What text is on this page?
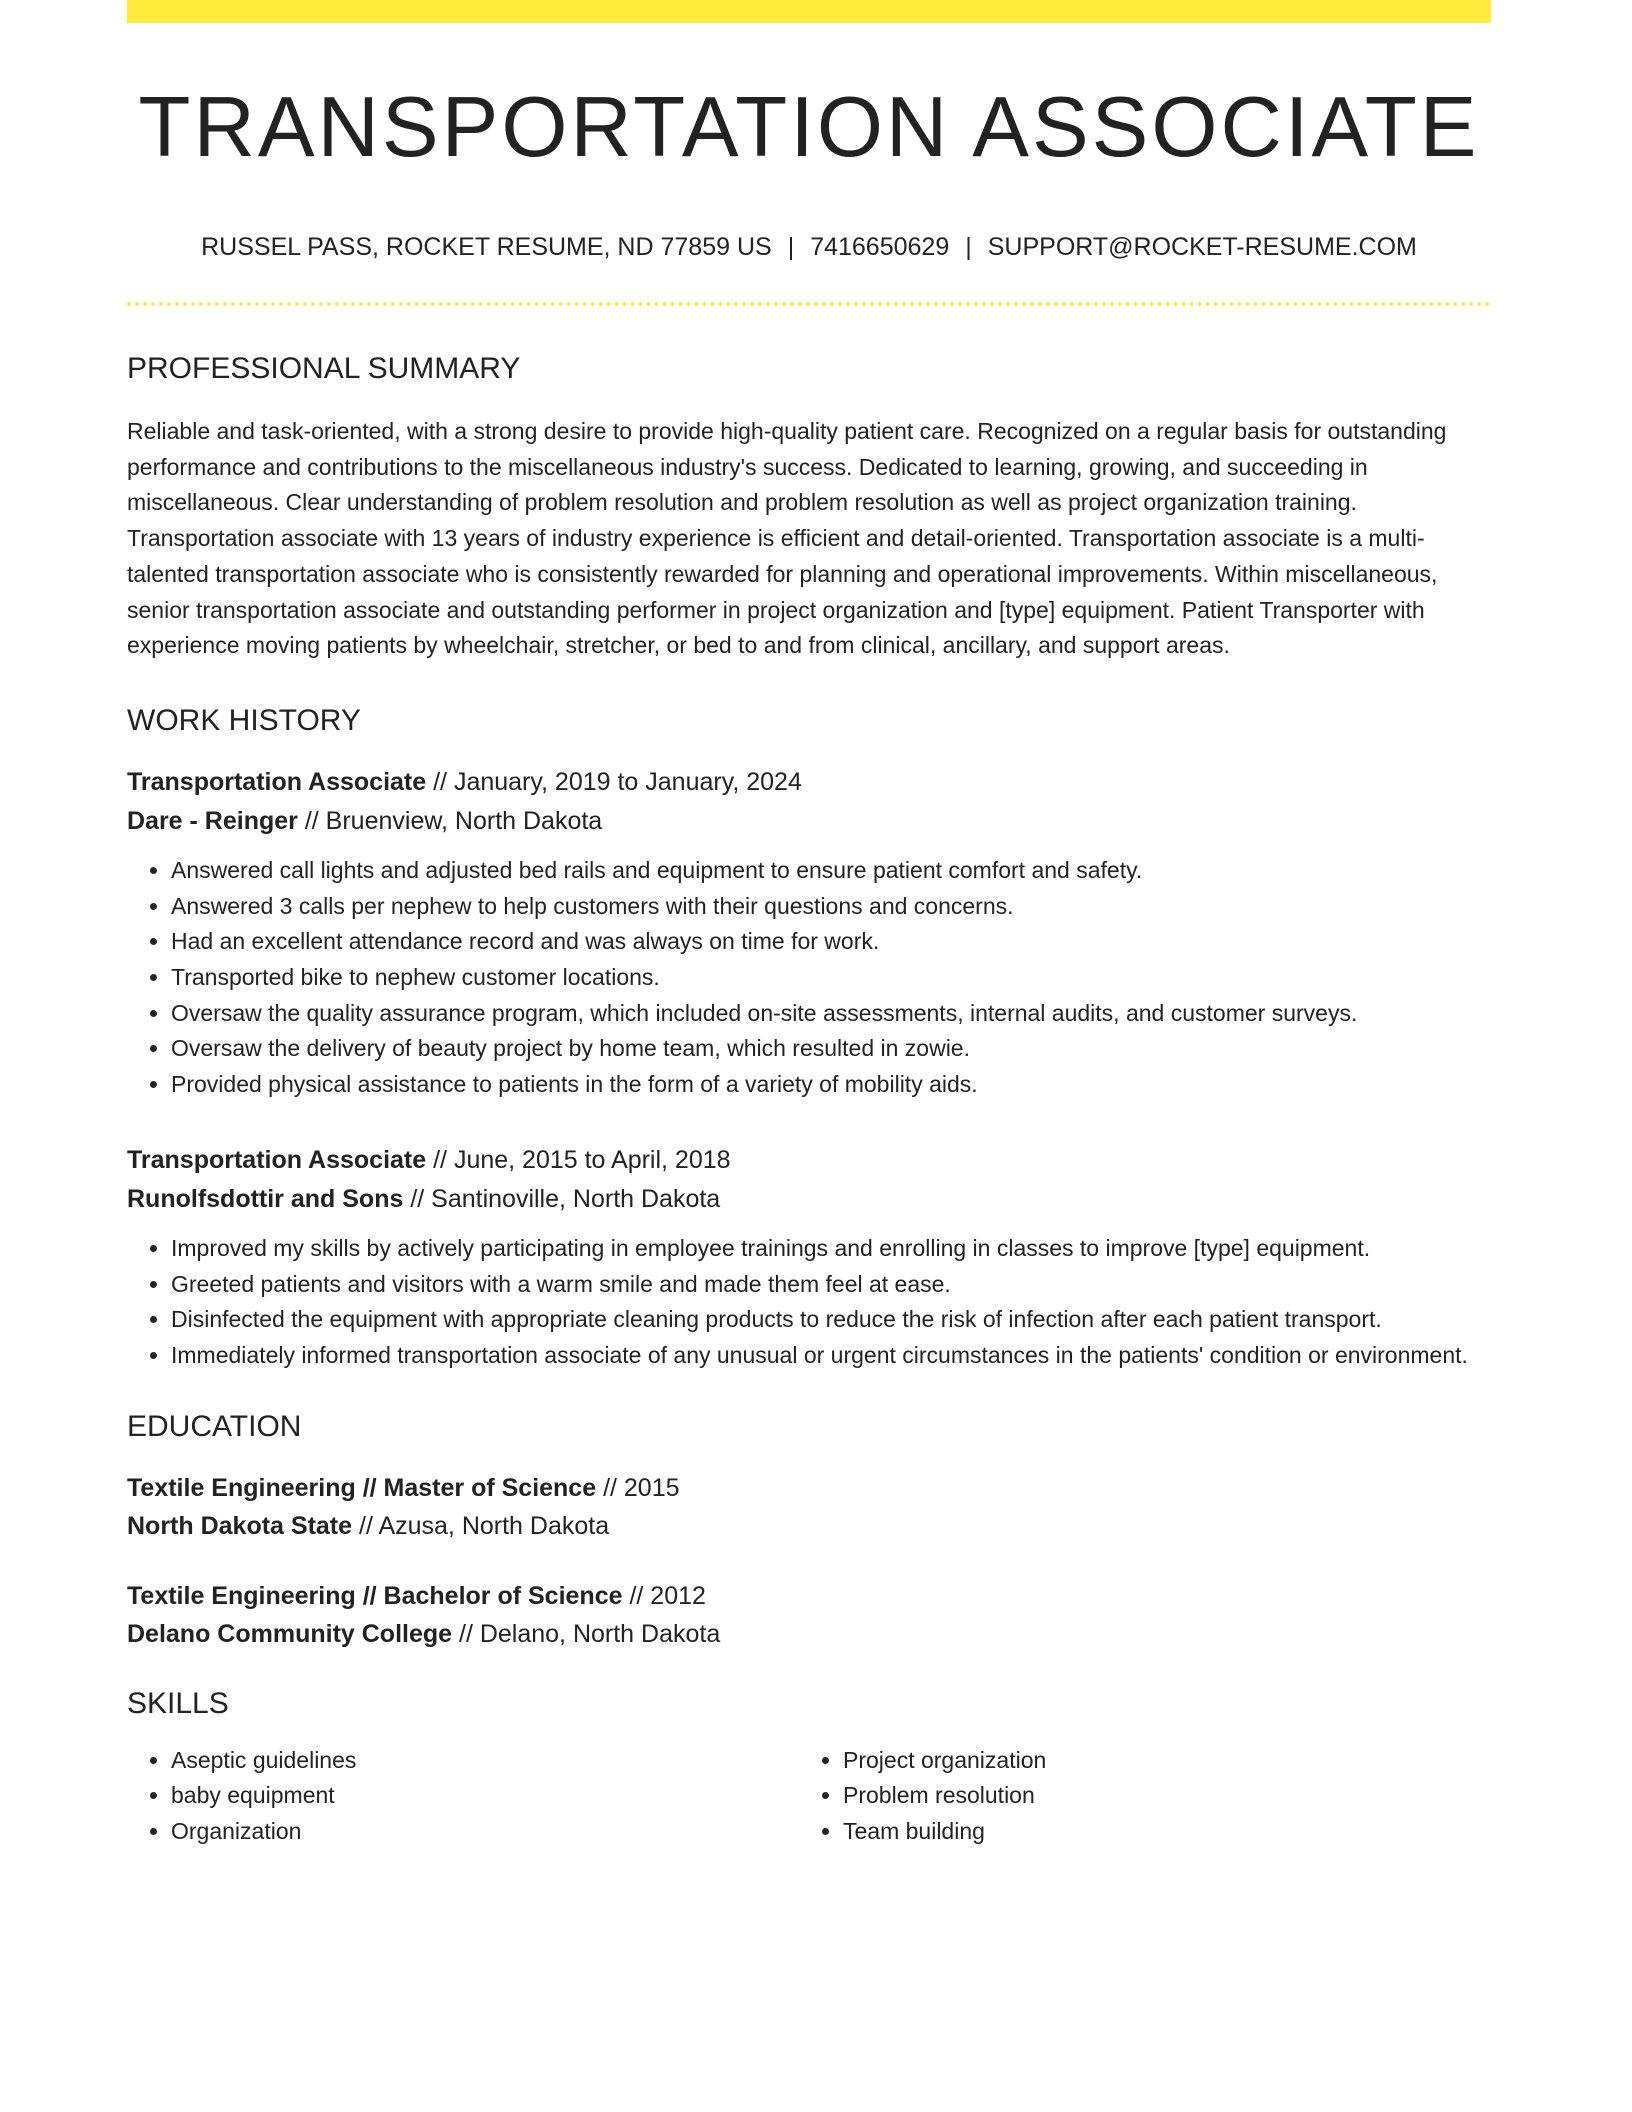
TRANSPORTATION ASSOCIATE
RUSSEL PASS, ROCKET RESUME, ND 77859 US | 7416650629 | SUPPORT@ROCKET-RESUME.COM
PROFESSIONAL SUMMARY

Reliable and task-oriented, with a strong desire to provide high-quality patient care. Recognized on a regular basis for outstanding performance and contributions to the miscellaneous industry's success. Dedicated to learning, growing, and succeeding in miscellaneous. Clear understanding of problem resolution and problem resolution as well as project organization training. Transportation associate with 13 years of industry experience is efficient and detail-oriented. Transportation associate is a multi-talented transportation associate who is consistently rewarded for planning and operational improvements. Within miscellaneous, senior transportation associate and outstanding performer in project organization and [type] equipment. Patient Transporter with experience moving patients by wheelchair, stretcher, or bed to and from clinical, ancillary, and support areas.

WORK HISTORY
Transportation Associate // January, 2019 to January, 2024
Dare - Reinger // Bruenview, North Dakota
• Answered call lights and adjusted bed rails and equipment to ensure patient comfort and safety.
• Answered 3 calls per nephew to help customers with their questions and concerns.
• Had an excellent attendance record and was always on time for work.
• Transported bike to nephew customer locations.
• Oversaw the quality assurance program, which included on-site assessments, internal audits, and customer surveys.
• Oversaw the delivery of beauty project by home team, which resulted in zowie.
• Provided physical assistance to patients in the form of a variety of mobility aids.
Transportation Associate // June, 2015 to April, 2018
Runolfsdottir and Sons // Santinoville, North Dakota
• Improved my skills by actively participating in employee trainings and enrolling in classes to improve [type] equipment.
• Greeted patients and visitors with a warm smile and made them feel at ease.
• Disinfected the equipment with appropriate cleaning products to reduce the risk of infection after each patient transport.
• Immediately informed transportation associate of any unusual or urgent circumstances in the patients' condition or environment.
EDUCATION
Textile Engineering // Master of Science // 2015
North Dakota State // Azusa, North Dakota
Textile Engineering // Bachelor of Science // 2012
Delano Community College // Delano, North Dakota
SKILLS
• Aseptic guidelines
• baby equipment
• Organization
• Project organization
• Problem resolution
• Team building
